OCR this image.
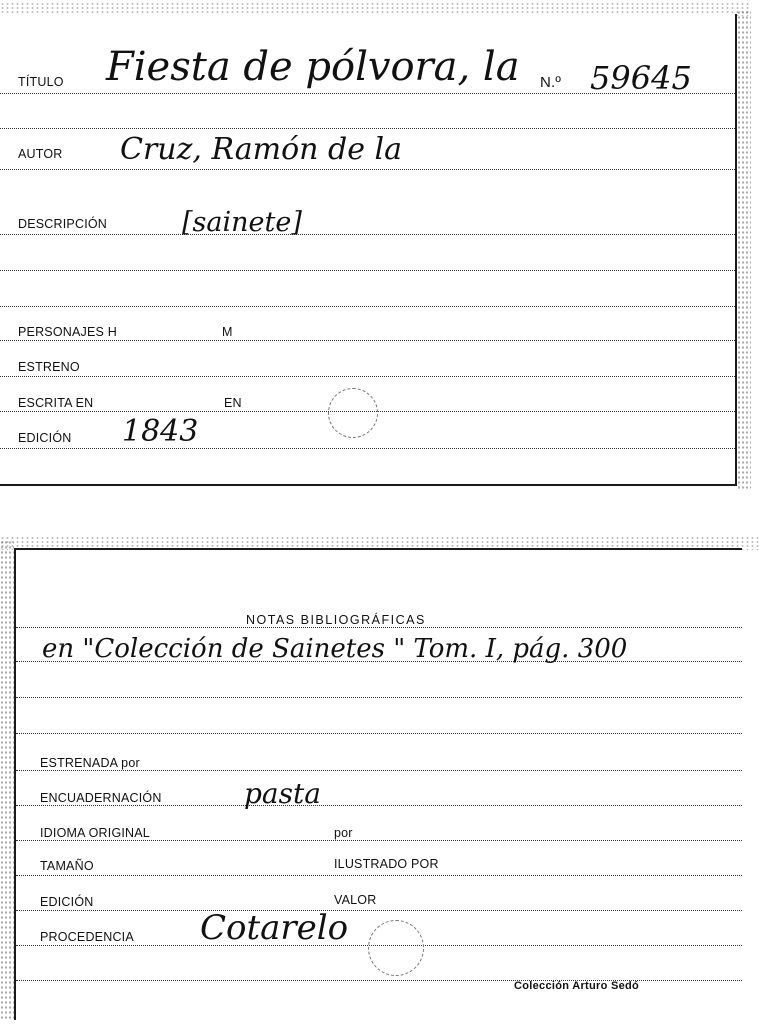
TÍTULO Fiesta de pólvora, la N.º 59645
AUTOR Cruz, Ramón de la
DESCRIPCIÓN	[sainete]
PERSONAJES H	M
ESTRENO
ESCRITA EN	EN
EDICIÓN 1843
NOTAS BIBLIOGRÁFICAS
en "Colección de Sainetes " Tom. I, pág. 300
ESTRENADA por
ENCUADERNACIÓN	pasta
IDIOMA ORIGINAL	por
TAMAÑO	ILUSTRADO POR
EDICIÓN	VALOR
PROCEDENCIA Cotarelo
Colección Arturo Sedó
